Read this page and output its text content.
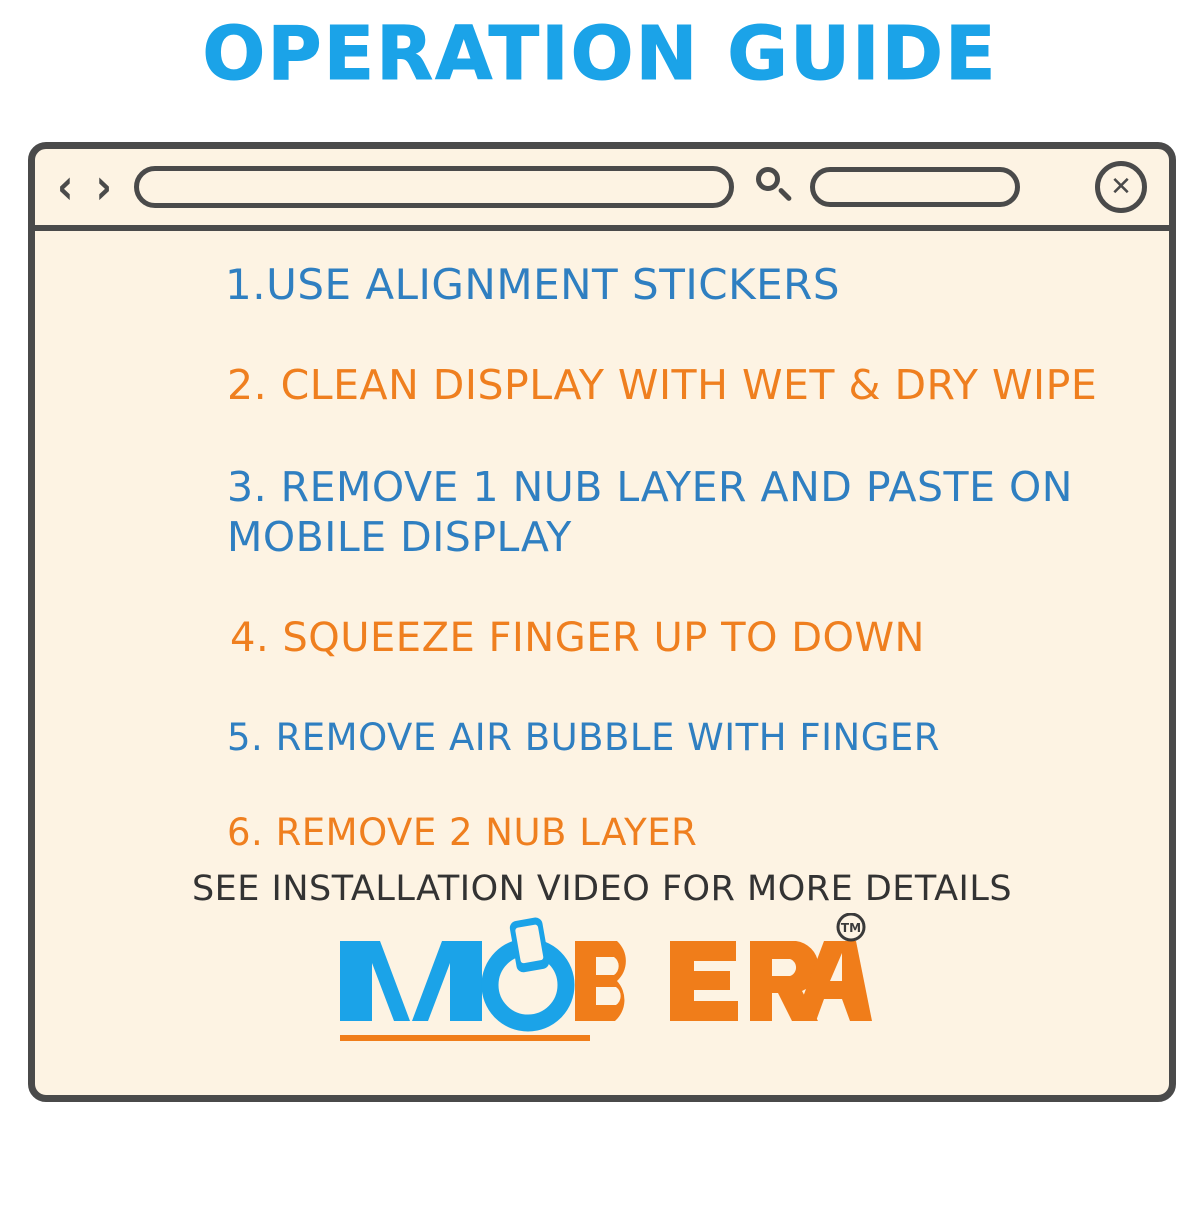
OPERATION GUIDE
‹ ›	✕

1.USE ALIGNMENT STICKERS

2. CLEAN DISPLAY WITH WET & DRY WIPE

3. REMOVE 1 NUB LAYER AND PASTE ON MOBILE DISPLAY

4. SQUEEZE FINGER UP TO DOWN

5. REMOVE AIR BUBBLE WITH FINGER

6. REMOVE 2 NUB LAYER

SEE INSTALLATION VIDEO FOR MORE DETAILS

TM
